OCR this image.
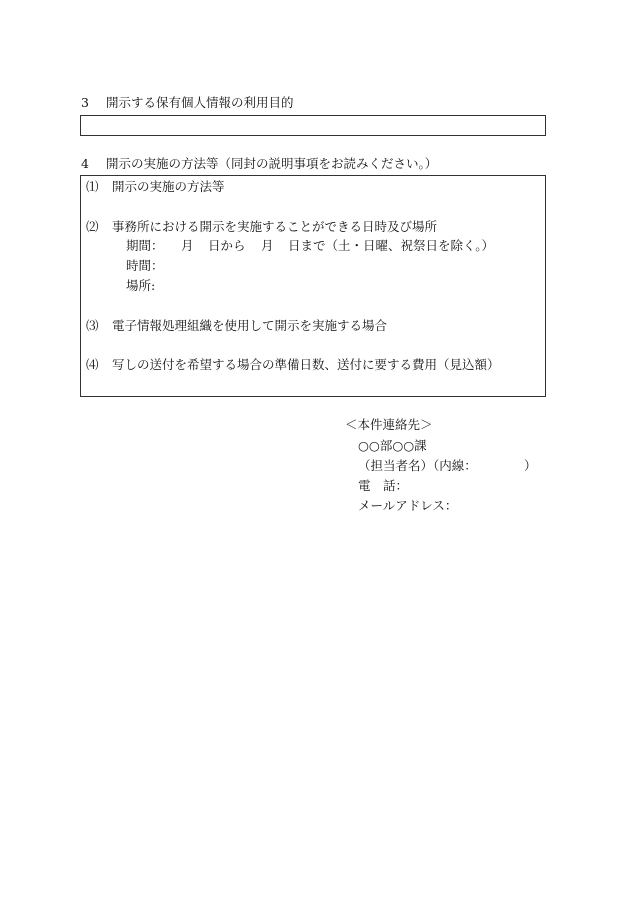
3 開示する保有個人情報の利用目的
4 開示の実施の方法等（同封の説明事項をお読みください。）
⑴ 開示の実施の方法等
⑵ 事務所における開示を実施することができる日時及び場所
期間： 月 日から 月 日まで（土・日曜、祝祭日を除く。）
時間：
場所:
⑶ 電子情報処理組織を使用して開示を実施する場合
⑷ 写しの送付を希望する場合の準備日数、送付に要する費用（見込額）
＜本件連絡先＞
○○部○○課
（担当者名）（内線：	）
電　話：
メールアドレス：
